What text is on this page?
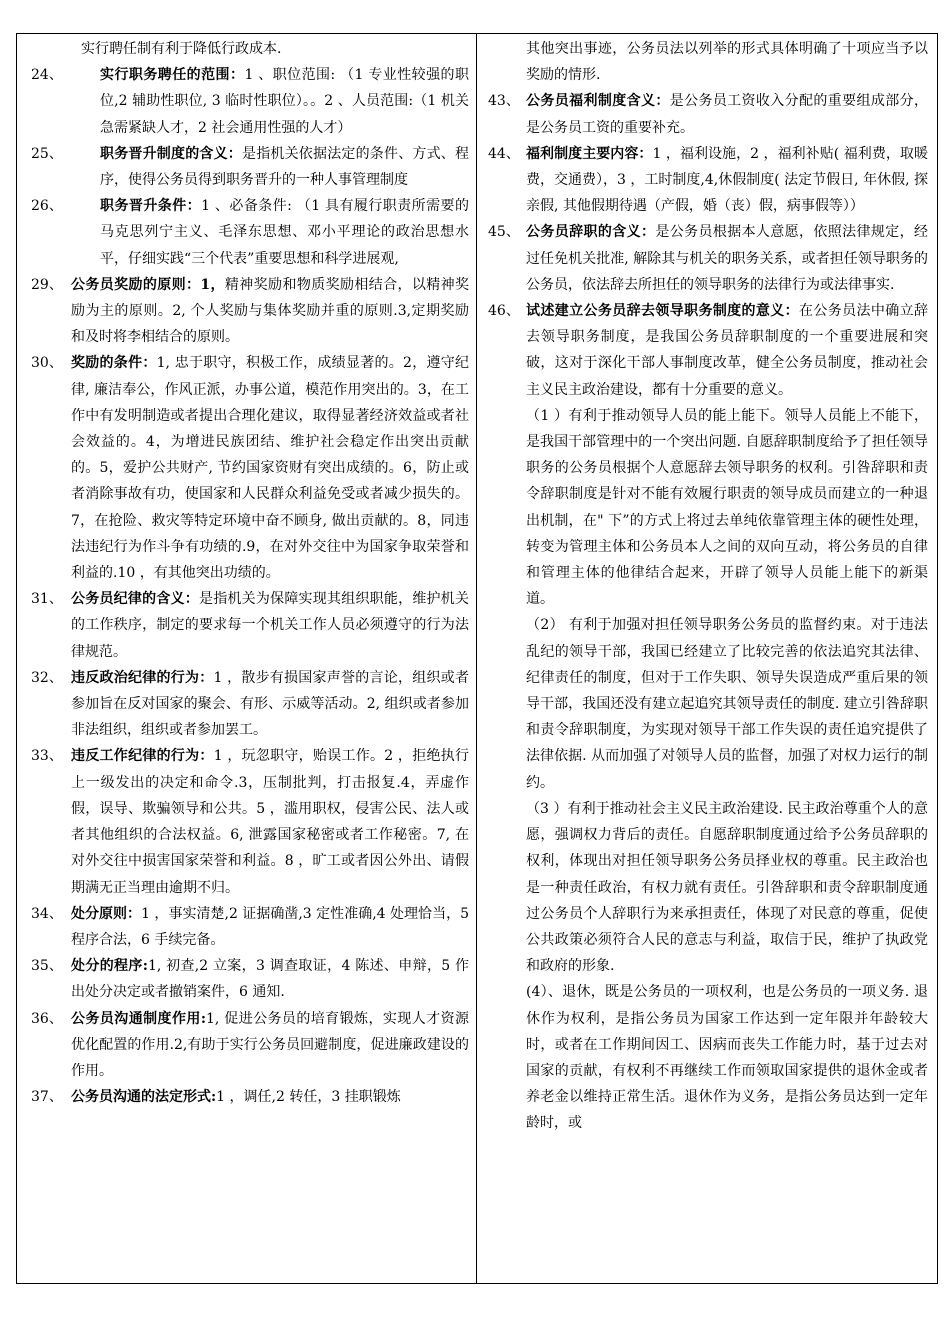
实行聘任制有利于降低行政成本.
24、	实行职务聘任的范围：1 、职位范围: （1 专业性较强的职位,2 辅助性职位, 3 临时性职位）。。2 、人员范围:（1 机关急需紧缺人才，2 社会通用性强的人才）
25、	职务晋升制度的含义：是指机关依据法定的条件、方式、程序，使得公务员得到职务晋升的一种人事管理制度
26、	职务晋升条件：1 、必备条件: （1 具有履行职责所需要的马克思列宁主义、毛泽东思想、邓小平理论的政治思想水平，仔细实践“三个代表”重要思想和科学进展观,
29、 公务员奖励的原则：1，精神奖励和物质奖励相结合，以精神奖励为主的原则。2, 个人奖励与集体奖励并重的原则.3,定期奖励和及时将李相结合的原则。
30、 奖励的条件：1, 忠于职守，积极工作，成绩显著的。2，遵守纪律, 廉洁奉公，作风正派，办事公道，模范作用突出的。3，在工作中有发明制造或者提出合理化建议，取得显著经济效益或者社会效益的。4，为增进民族团结、维护社会稳定作出突出贡献的。5，爱护公共财产, 节约国家资财有突出成绩的。6，防止或者消除事故有功，使国家和人民群众利益免受或者减少损失的。7，在抢险、救灾等特定环境中奋不顾身, 做出贡献的。8，同违法违纪行为作斗争有功绩的.9，在对外交往中为国家争取荣誉和利益的.10 ，有其他突出功绩的。
31、 公务员纪律的含义：是指机关为保障实现其组织职能，维护机关的工作秩序，制定的要求每一个机关工作人员必须遵守的行为法律规范。
32、 违反政治纪律的行为：1 ，散步有损国家声誉的言论，组织或者参加旨在反对国家的聚会、有形、示威等活动。2, 组织或者参加非法组织，组织或者参加罢工。
33、 违反工作纪律的行为：1 ，玩忽职守，贻误工作。2 ，拒绝执行上一级发出的决定和命令.3，压制批判，打击报复.4，弄虚作假，误导、欺骗领导和公共。5 ，滥用职权，侵害公民、法人或者其他组织的合法权益。6, 泄露国家秘密或者工作秘密。7, 在对外交往中损害国家荣誉和利益。8 ，旷工或者因公外出、请假期满无正当理由逾期不归。
34、 处分原则：1 ，事实清楚,2 证据确凿,3 定性准确,4 处理恰当，5 程序合法，6 手续完备。
35、 处分的程序:1, 初查,2 立案，3 调查取证，4 陈述、申辩，5 作出处分决定或者撤销案件，6 通知.
36、 公务员沟通制度作用:1, 促进公务员的培育锻炼，实现人才资源优化配置的作用.2,有助于实行公务员回避制度，促进廉政建设的作用。
37、 公务员沟通的法定形式:1 ，调任,2 转任，3 挂职锻炼
其他突出事迹，公务员法以列举的形式具体明确了十项应当予以奖励的情形.
43、 公务员福利制度含义：是公务员工资收入分配的重要组成部分，是公务员工资的重要补充。
44、 福利制度主要内容：1 ，福利设施，2 ，福利补贴( 福利费，取暖费，交通费），3 ，工时制度,4,休假制度( 法定节假日, 年休假, 探亲假, 其他假期待遇（产假，婚（丧）假，病事假等））
45、 公务员辞职的含义：是公务员根据本人意愿，依照法律规定，经过任免机关批准, 解除其与机关的职务关系，或者担任领导职务的公务员，依法辞去所担任的领导职务的法律行为或法律事实.
46、 试述建立公务员辞去领导职务制度的意义：在公务员法中确立辞去领导职务制度，是我国公务员辞职制度的一个重要进展和突破，这对于深化干部人事制度改革，健全公务员制度，推动社会主义民主政治建设，都有十分重要的意义。
（1 ）有利于推动领导人员的能上能下。领导人员能上不能下，是我国干部管理中的一个突出问题. 自愿辞职制度给予了担任领导职务的公务员根据个人意愿辞去领导职务的权利。引咎辞职和责令辞职制度是针对不能有效履行职责的领导成员而建立的一种退出机制，在" 下”的方式上将过去单纯依靠管理主体的硬性处理，转变为管理主体和公务员本人之间的双向互动，将公务员的自律和管理主体的他律结合起来，开辟了领导人员能上能下的新渠道。
（2） 有利于加强对担任领导职务公务员的监督约束。对于违法乱纪的领导干部，我国已经建立了比较完善的依法追究其法律、纪律责任的制度，但对于工作失职、领导失误造成严重后果的领导干部，我国还没有建立起追究其领导责任的制度. 建立引咎辞职和责令辞职制度，为实现对领导干部工作失误的责任追究提供了法律依据. 从而加强了对领导人员的监督，加强了对权力运行的制约。
（3 ）有利于推动社会主义民主政治建设. 民主政治尊重个人的意愿，强调权力背后的责任。自愿辞职制度通过给予公务员辞职的权利，体现出对担任领导职务公务员择业权的尊重。民主政治也是一种责任政治，有权力就有责任。引咎辞职和责令辞职制度通过公务员个人辞职行为来承担责任，体现了对民意的尊重，促使公共政策必须符合人民的意志与利益，取信于民，维护了执政党和政府的形象.
(4）、退休，既是公务员的一项权利，也是公务员的一项义务. 退休作为权利，是指公务员为国家工作达到一定年限并年龄较大时，或者在工作期间因工、因病而丧失工作能力时，基于过去对国家的贡献，有权利不再继续工作而领取国家提供的退休金或者养老金以维持正常生活。退休作为义务，是指公务员达到一定年龄时，或
